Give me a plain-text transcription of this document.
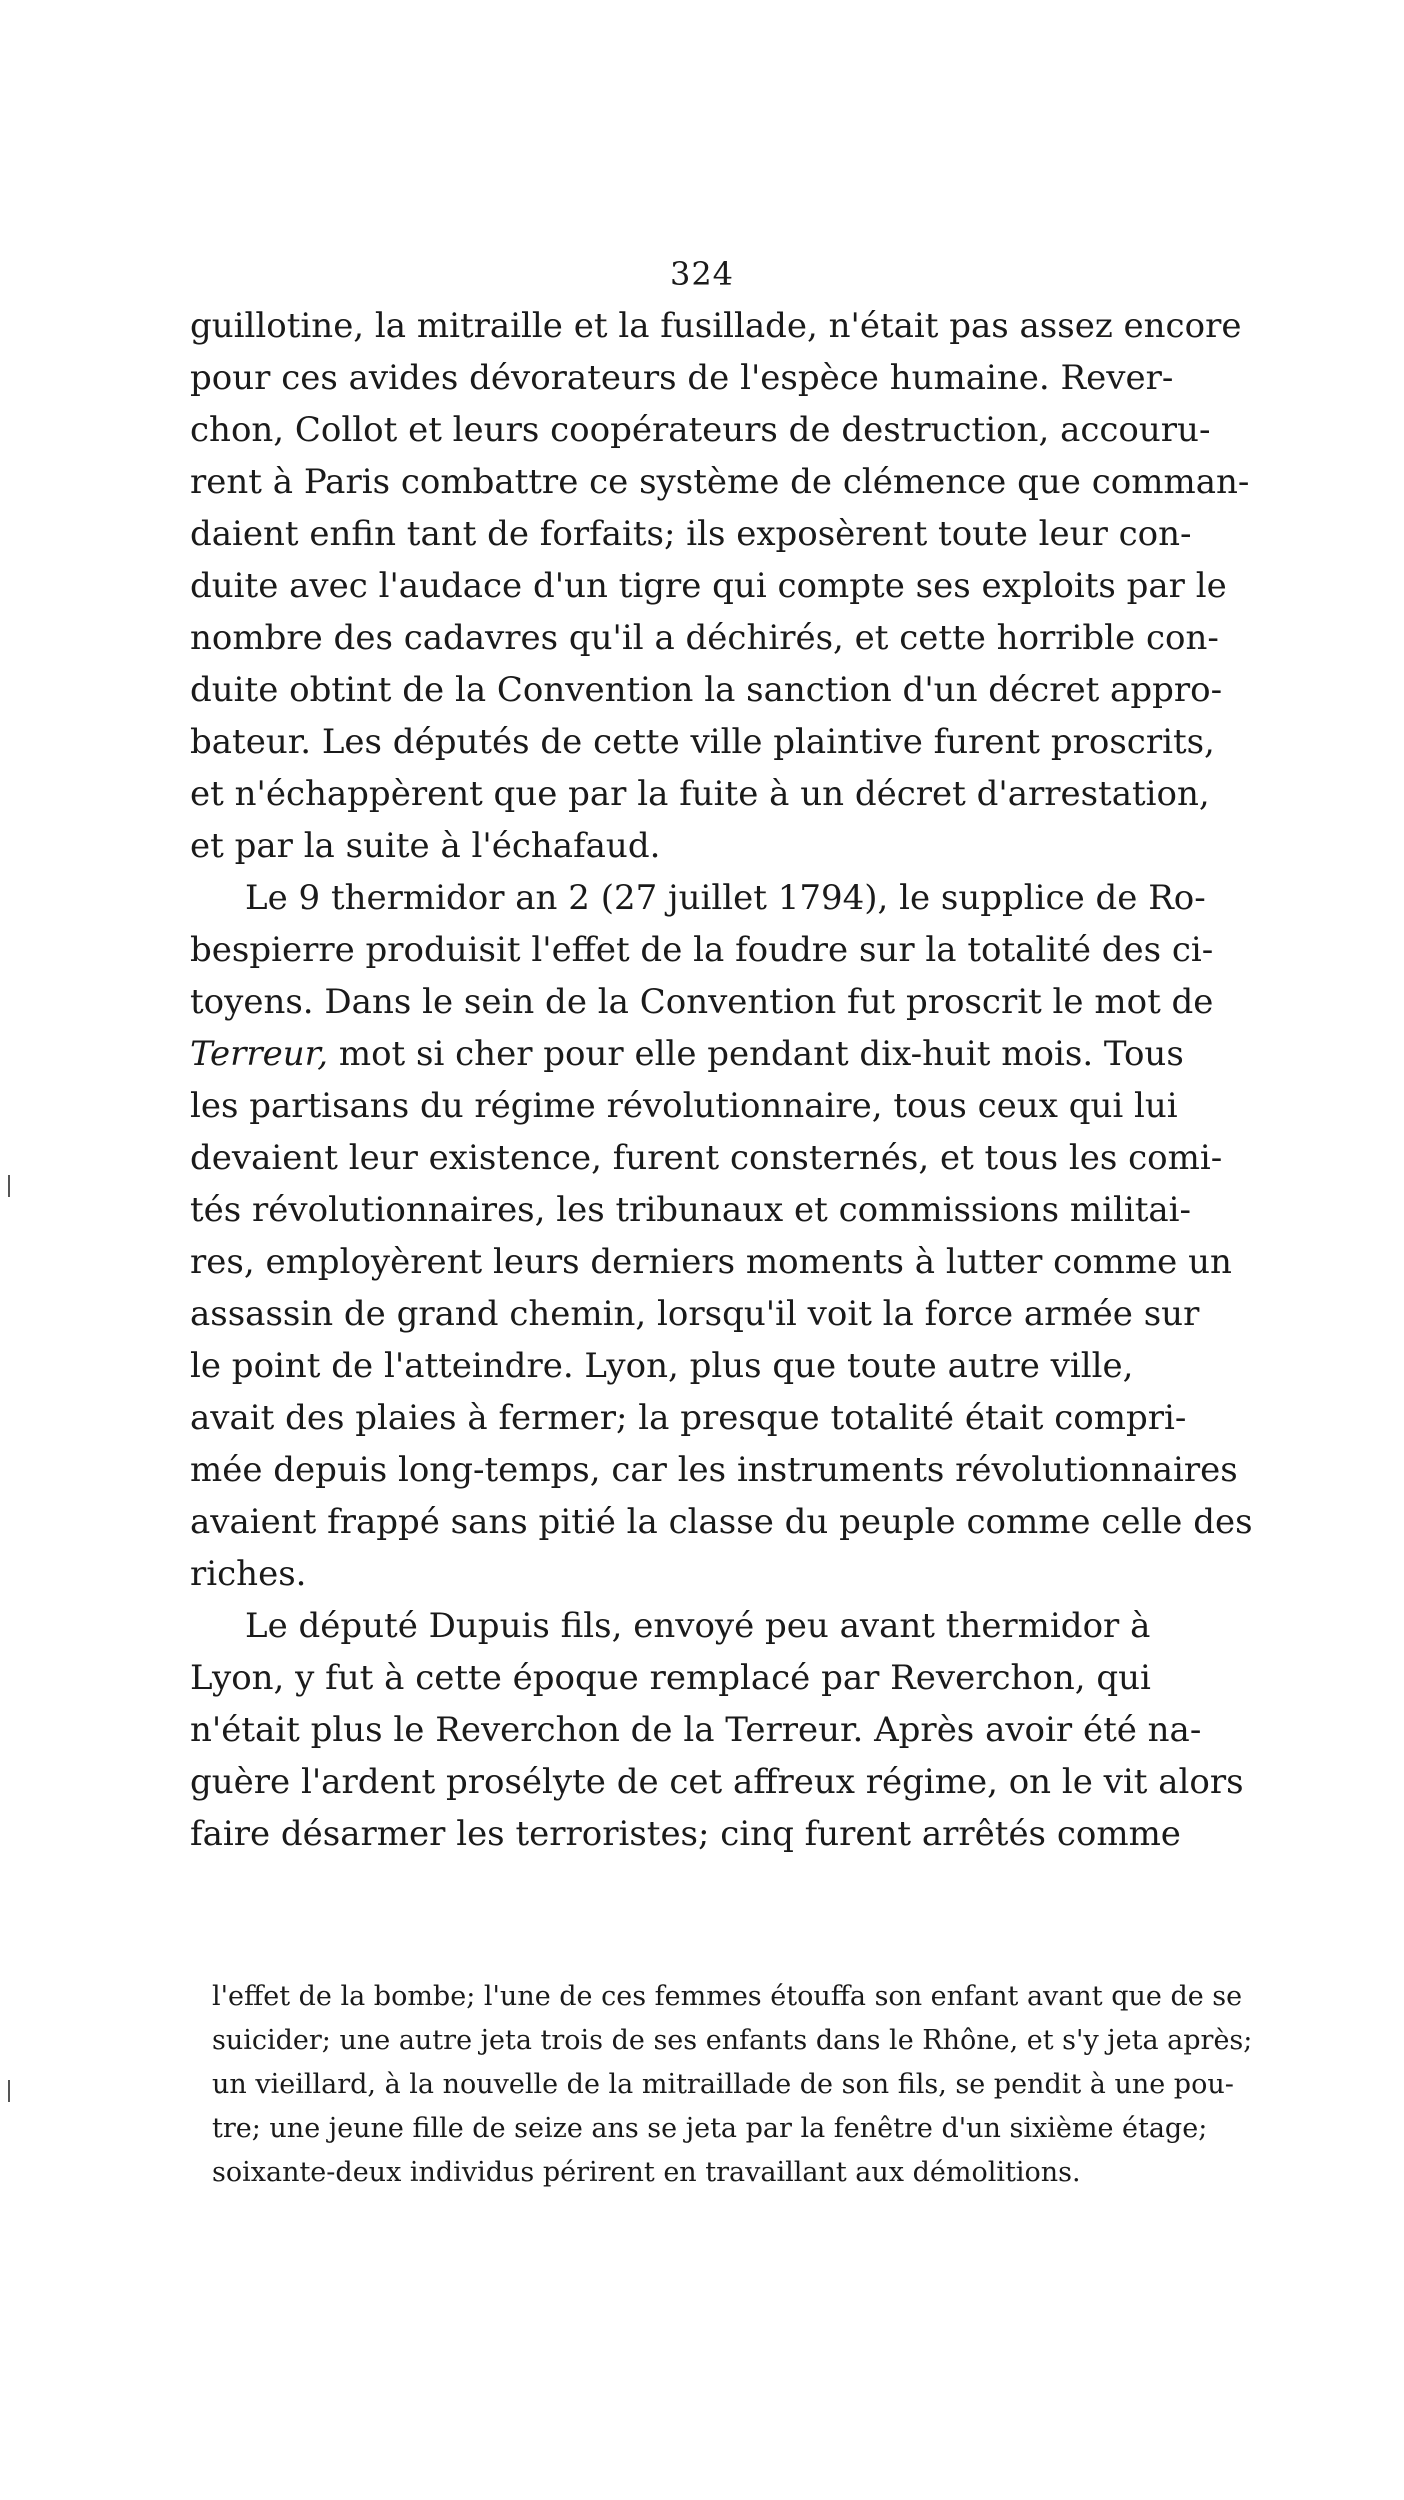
324
guillotine, la mitraille et la fusillade, n'était pas assez encore
pour ces avides dévorateurs de l'espèce humaine. Rever-
chon, Collot et leurs coopérateurs de destruction, accouru-
rent à Paris combattre ce système de clémence que comman-
daient enfin tant de forfaits; ils exposèrent toute leur con-
duite avec l'audace d'un tigre qui compte ses exploits par le
nombre des cadavres qu'il a déchirés, et cette horrible con-
duite obtint de la Convention la sanction d'un décret appro-
bateur. Les députés de cette ville plaintive furent proscrits,
et n'échappèrent que par la fuite à un décret d'arrestation,
et par la suite à l'échafaud.
Le 9 thermidor an 2 (27 juillet 1794), le supplice de Ro-
bespierre produisit l'effet de la foudre sur la totalité des ci-
toyens. Dans le sein de la Convention fut proscrit le mot de
Terreur, mot si cher pour elle pendant dix-huit mois. Tous
les partisans du régime révolutionnaire, tous ceux qui lui
devaient leur existence, furent consternés, et tous les comi-
tés révolutionnaires, les tribunaux et commissions militai-
res, employèrent leurs derniers moments à lutter comme un
assassin de grand chemin, lorsqu'il voit la force armée sur
le point de l'atteindre. Lyon, plus que toute autre ville,
avait des plaies à fermer; la presque totalité était compri-
mée depuis long-temps, car les instruments révolutionnaires
avaient frappé sans pitié la classe du peuple comme celle des
riches.
Le député Dupuis fils, envoyé peu avant thermidor à
Lyon, y fut à cette époque remplacé par Reverchon, qui
n'était plus le Reverchon de la Terreur. Après avoir été na-
guère l'ardent prosélyte de cet affreux régime, on le vit alors
faire désarmer les terroristes; cinq furent arrêtés comme
l'effet de la bombe; l'une de ces femmes étouffa son enfant avant que de se
suicider; une autre jeta trois de ses enfants dans le Rhône, et s'y jeta après;
un vieillard, à la nouvelle de la mitraillade de son fils, se pendit à une pou-
tre; une jeune fille de seize ans se jeta par la fenêtre d'un sixième étage;
soixante-deux individus périrent en travaillant aux démolitions.
